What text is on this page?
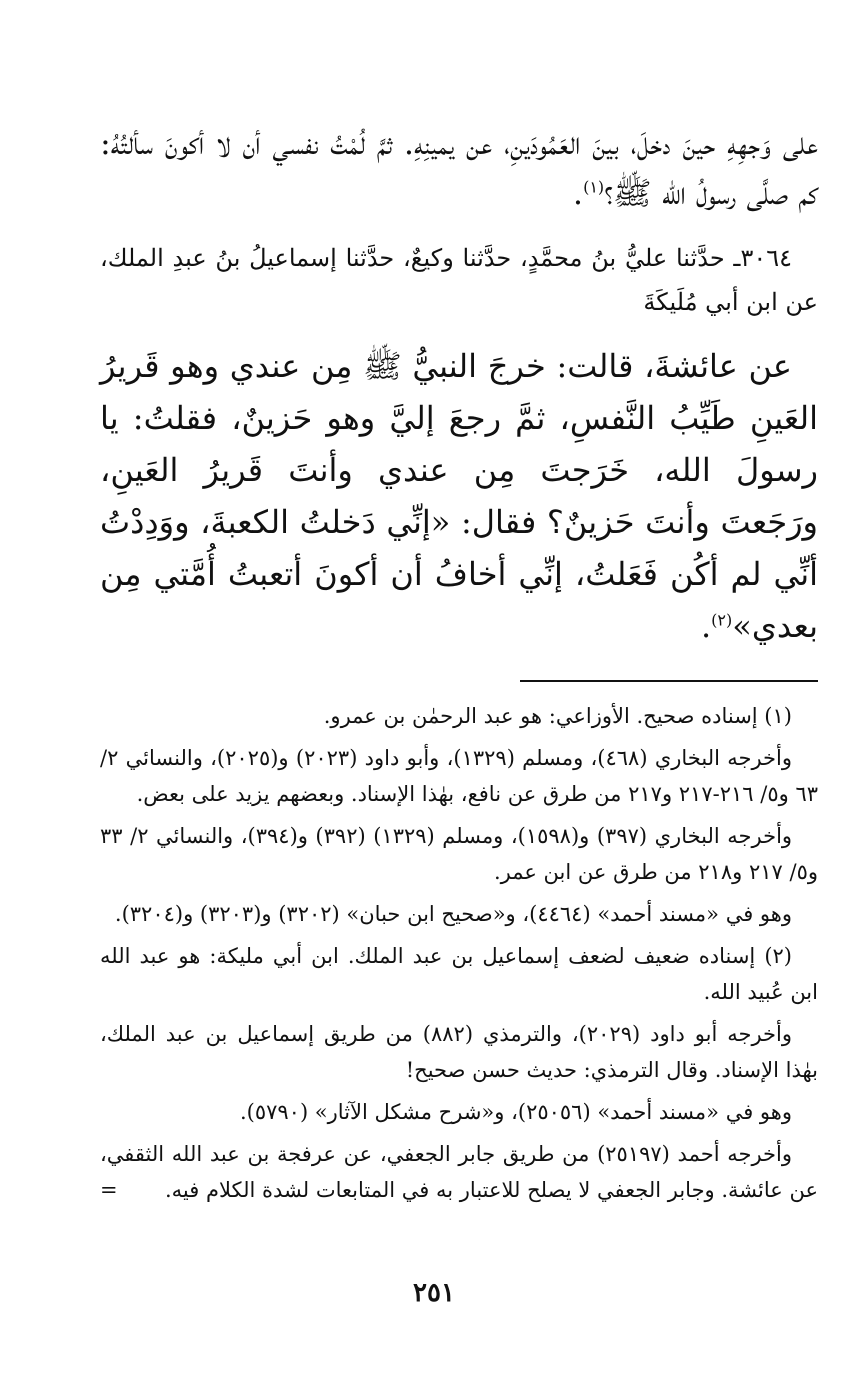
على وَجهِهِ حينَ دخلَ، بينَ العَمُودَينِ، عن يمينِهِ. ثمَّ لُمْتُ نفسي أن لا أكونَ سألتُهُ: كم صلَّى رسولُ الله ﷺ؟$^{(١)}$.

٣٠٦٤ـ حدَّثنا عليُّ بنُ محمَّدٍ، حدَّثنا وكيعٌ، حدَّثنا إسماعيلُ بنُ عبدِ الملك، عن ابن أبي مُلَيكَةَ

عن عائشةَ، قالت: خرجَ النبيُّ ﷺ مِن عندي وهو قَريرُ العَينِ طَيِّبُ النَّفسِ، ثمَّ رجعَ إليَّ وهو حَزينٌ، فقلتُ: يا رسولَ الله، خَرَجتَ مِن عندي وأنتَ قَريرُ العَينِ، ورَجَعتَ وأنتَ حَزينٌ؟ فقال: «إنِّي دَخلتُ الكعبةَ، ووَدِدْتُ أنِّي لم أكُن فَعَلتُ، إنِّي أخافُ أن أكونَ أتعبتُ أُمَّتي مِن بعدي»$^{(٢)}$.

(١) إسناده صحيح. الأوزاعي: هو عبد الرحمٰن بن عمرو.

وأخرجه البخاري (٤٦٨)، ومسلم (١٣٢٩)، وأبو داود (٢٠٢٣) و(٢٠٢٥)، والنسائي ٢/ ٦٣ و٥/ ٢١٦-٢١٧ و٢١٧ من طرق عن نافع، بهٰذا الإسناد. وبعضهم يزيد على بعض.

وأخرجه البخاري (٣٩٧) و(١٥٩٨)، ومسلم (١٣٢٩) (٣٩٢) و(٣٩٤)، والنسائي ٢/ ٣٣ و٥/ ٢١٧ و٢١٨ من طرق عن ابن عمر.

وهو في «مسند أحمد» (٤٤٦٤)، و«صحيح ابن حبان» (٣٢٠٢) و(٣٢٠٣) و(٣٢٠٤).

(٢) إسناده ضعيف لضعف إسماعيل بن عبد الملك. ابن أبي مليكة: هو عبد الله ابن عُبيد الله.

وأخرجه أبو داود (٢٠٢٩)، والترمذي (٨٨٢) من طريق إسماعيل بن عبد الملك، بهٰذا الإسناد. وقال الترمذي: حديث حسن صحيح!

وهو في «مسند أحمد» (٢٥٠٥٦)، و«شرح مشكل الآثار» (٥٧٩٠).

وأخرجه أحمد (٢٥١٩٧) من طريق جابر الجعفي، عن عرفجة بن عبد الله الثقفي، عن عائشة. وجابر الجعفي لا يصلح للاعتبار به في المتابعات لشدة الكلام فيه.
=

٢٥١
